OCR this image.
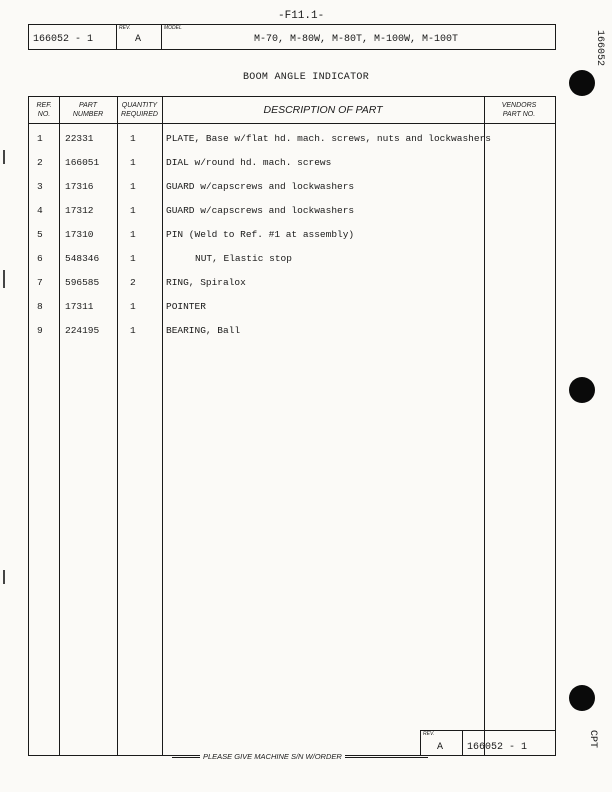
-F11.1-
166052 - 1
REV.
A
MODEL
M-70, M-80W, M-80T, M-100W, M-100T
BOOM ANGLE INDICATOR
REF.
NO.
PART
NUMBER
QUANTITY
REQUIRED	DESCRIPTION OF PART	VENDORS
PART NO.
1 22331	1	PLATE, Base w/flat hd. mach. screws, nuts and lockwashers
2 166051	1	DIAL w/round hd. mach. screws
3 17316	1	GUARD w/capscrews and lockwashers
4 17312	1	GUARD w/capscrews and lockwashers
5 17310	1	PIN (Weld to Ref. #1 at assembly)
6 548346	1	NUT, Elastic stop
7 596585	2	RING, Spiralox
8 17311	1	POINTER
9 224195	1	BEARING, Ball
REV.
A 166052 - 1
PLEASE GIVE MACHINE S/N W/ORDER
166052
CPT
